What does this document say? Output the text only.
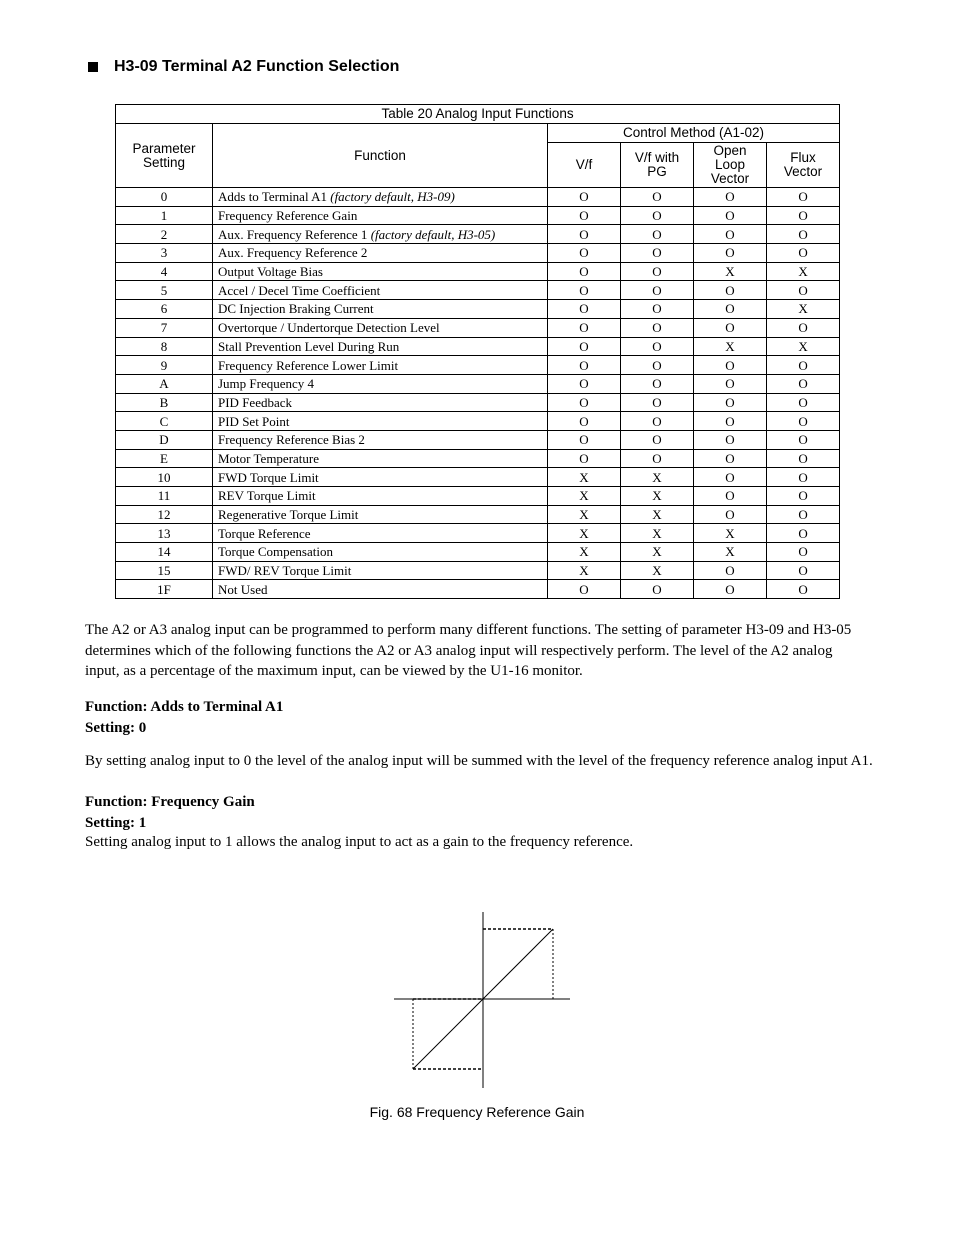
H3-09 Terminal A2 Function Selection
Table 20 Analog Input Functions					
Parameter Setting	Function	Control Method (A1-02)			
		V/f	V/f with PG	Open Loop Vector	Flux Vector
0	Adds to Terminal A1 (factory default, H3-09)	O	O	O	O
1	Frequency Reference Gain	O	O	O	O
2	Aux. Frequency Reference 1 (factory default, H3-05)	O	O	O	O
3	Aux. Frequency Reference 2	O	O	O	O
4	Output Voltage Bias	O	O	X	X
5	Accel / Decel Time Coefficient	O	O	O	O
6	DC Injection Braking Current	O	O	O	X
7	Overtorque / Undertorque Detection Level	O	O	O	O
8	Stall Prevention Level During Run	O	O	X	X
9	Frequency Reference Lower Limit	O	O	O	O
A	Jump Frequency 4	O	O	O	O
B	PID Feedback	O	O	O	O
C	PID Set Point	O	O	O	O
D	Frequency Reference Bias 2	O	O	O	O
E	Motor Temperature	O	O	O	O
10	FWD Torque Limit	X	X	O	O
11	REV Torque Limit	X	X	O	O
12	Regenerative Torque Limit	X	X	O	O
13	Torque Reference	X	X	X	O
14	Torque Compensation	X	X	X	O
15	FWD/ REV Torque Limit	X	X	O	O
1F	Not Used	O	O	O	O
The A2 or A3 analog input can be programmed to perform many different functions. The setting of parameter H3-09 and H3-05 determines which of the following functions the A2 or A3 analog input will respectively perform. The level of the A2 analog input, as a percentage of the maximum input, can be viewed by the U1-16 monitor.
Function: Adds to Terminal A1
Setting: 0
By setting analog input to 0 the level of the analog input will be summed with the level of the frequency reference analog input A1.
Function: Frequency Gain
Setting: 1
Setting analog input to 1 allows the analog input to act as a gain to the frequency reference.
Fig. 68 Frequency Reference Gain
